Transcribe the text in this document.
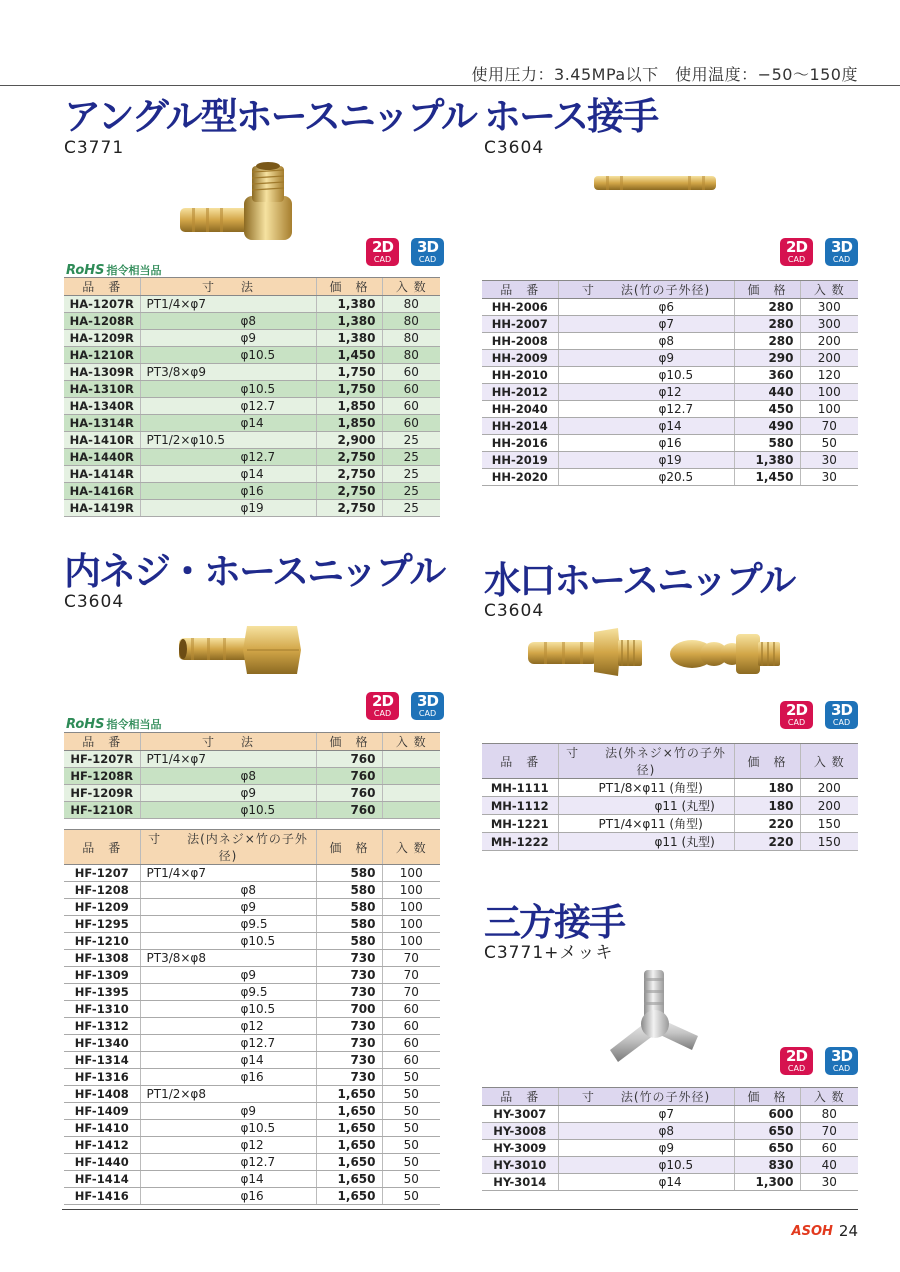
使用圧力：3.45MPa以下　使用温度：−50〜150度
アングル型ホースニップル
C3771
2D
CAD
3D
CAD
RoHS 指令相当品
品　番	寸　　法	価　格	入 数
HA-1207R	PT1/4×φ7	1,380	80
HA-1208R	φ8	1,380	80
HA-1209R	φ9	1,380	80
HA-1210R	φ10.5	1,450	80
HA-1309R	PT3/8×φ9	1,750	60
HA-1310R	φ10.5	1,750	60
HA-1340R	φ12.7	1,850	60
HA-1314R	φ14	1,850	60
HA-1410R	PT1/2×φ10.5	2,900	25
HA-1440R	φ12.7	2,750	25
HA-1414R	φ14	2,750	25
HA-1416R	φ16	2,750	25
HA-1419R	φ19	2,750	25
ホース接手
C3604
2D
CAD
3D
CAD
品　番	寸　　法(竹の子外径)	価　格	入 数
HH-2006	φ6	280	300
HH-2007	φ7	280	300
HH-2008	φ8	280	200
HH-2009	φ9	290	200
HH-2010	φ10.5	360	120
HH-2012	φ12	440	100
HH-2040	φ12.7	450	100
HH-2014	φ14	490	70
HH-2016	φ16	580	50
HH-2019	φ19	1,380	30
HH-2020	φ20.5	1,450	30
内ネジ・ホースニップル
C3604
2D
CAD
3D
CAD
RoHS 指令相当品
品　番	寸　　法	価　格	入 数
HF-1207R	PT1/4×φ7	760	
HF-1208R	φ8	760	
HF-1209R	φ9	760	
HF-1210R	φ10.5	760	
品　番	寸　　法(内ネジ×竹の子外径)	価　格	入 数
HF-1207	PT1/4×φ7	580	100
HF-1208	φ8	580	100
HF-1209	φ9	580	100
HF-1295	φ9.5	580	100
HF-1210	φ10.5	580	100
HF-1308	PT3/8×φ8	730	70
HF-1309	φ9	730	70
HF-1395	φ9.5	730	70
HF-1310	φ10.5	700	60
HF-1312	φ12	730	60
HF-1340	φ12.7	730	60
HF-1314	φ14	730	60
HF-1316	φ16	730	50
HF-1408	PT1/2×φ8	1,650	50
HF-1409	φ9	1,650	50
HF-1410	φ10.5	1,650	50
HF-1412	φ12	1,650	50
HF-1440	φ12.7	1,650	50
HF-1414	φ14	1,650	50
HF-1416	φ16	1,650	50
水口ホースニップル
C3604
2D
CAD
3D
CAD
品　番	寸　　法(外ネジ×竹の子外径)	価　格	入 数
MH-1111	PT1/8×φ11 (角型)	180	200
MH-1112	φ11 (丸型)	180	200
MH-1221	PT1/4×φ11 (角型)	220	150
MH-1222	φ11 (丸型)	220	150
三方接手
C3771+メッキ
2D
CAD
3D
CAD
品　番	寸　　法(竹の子外径)	価　格	入 数
HY-3007	φ7	600	80
HY-3008	φ8	650	70
HY-3009	φ9	650	60
HY-3010	φ10.5	830	40
HY-3014	φ14	1,300	30
ASOH 24
